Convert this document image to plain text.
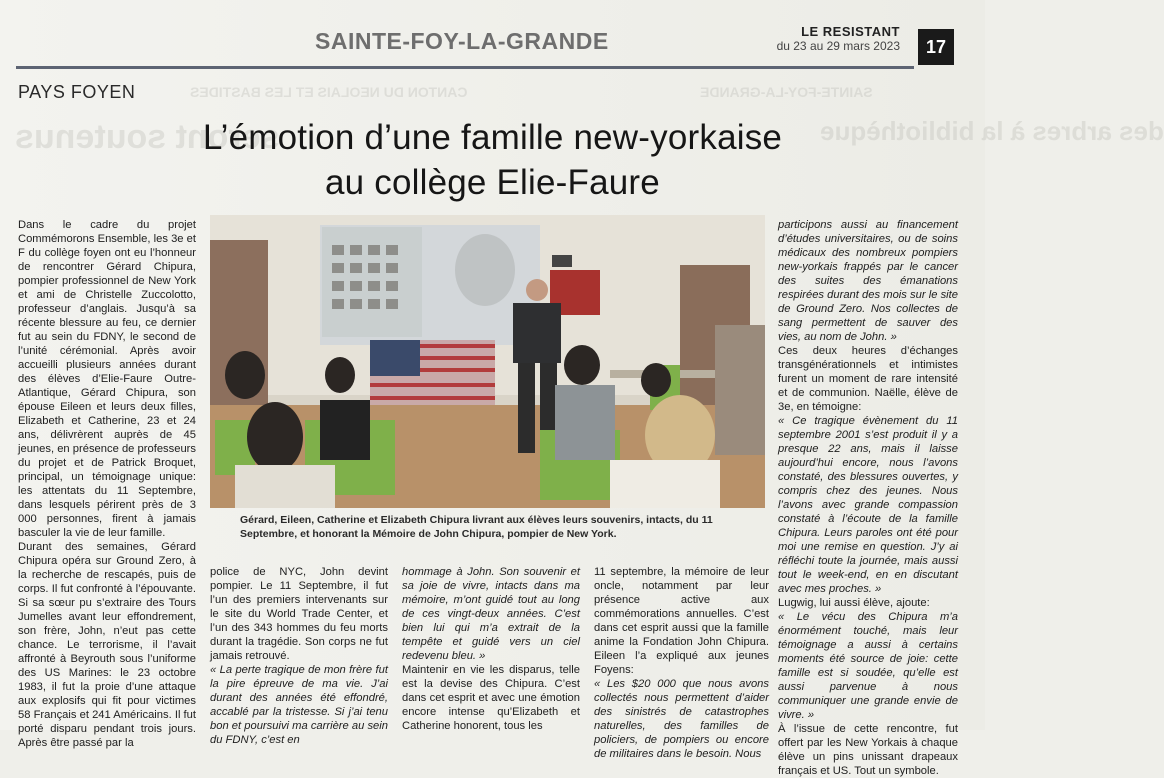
CANTON DU NEOLAIS ET LES BASTIDES	SAINTE-FOY-LA-GRANDE
seront soutenus	des arbres à la bibliothèque
SAINTE-FOY-LA-GRANDE	LE RESISTANT
du 23 au 29 mars 2023	17
PAYS FOYEN
L’émotion d’une famille new-yorkaise
au collège Elie-Faure

Dans le cadre du projet Commémorons Ensemble, les 3e et F du collège foyen ont eu l’honneur de rencontrer Gérard Chipura, pompier professionnel de New York et ami de Christelle Zuccolotto, professeur d’anglais. Jusqu’à sa récente blessure au feu, ce dernier fut au sein du FDNY, le second de l’unité cérémonial. Après avoir accueilli plusieurs années durant des élèves d’Elie-Faure Outre-Atlantique, Gérard Chipura, son épouse Eileen et leurs deux filles, Elizabeth et Catherine, 23 et 24 ans, délivrèrent auprès de 45 jeunes, en présence de professeurs du projet et de Patrick Broquet, principal, un témoignage unique: les attentats du 11 Septembre, dans lesquels périrent près de 3 000 personnes, firent à jamais basculer la vie de leur famille.

Durant des semaines, Gérard Chipura opéra sur Ground Zero, à la recherche de rescapés, puis de corps. Il fut confronté à l’épouvante. Si sa sœur pu s’extraire des Tours Jumelles avant leur effondrement, son frère, John, n’eut pas cette chance. Le terrorisme, il l’avait affronté à Beyrouth sous l’uniforme des US Marines: le 23 octobre 1983, il fut la proie d’une attaque aux explosifs qui fit pour victimes 58 Français et 241 Américains. Il fut porté disparu pendant trois jours. Après être passé par la

Gérard, Eileen, Catherine et Elizabeth Chipura livrant aux élèves leurs souvenirs, intacts, du 11 Septembre, et honorant la Mémoire de John Chipura, pompier de New York.

police de NYC, John devint pompier. Le 11 Septembre, il fut l’un des premiers intervenants sur le site du World Trade Center, et l’un des 343 hommes du feu morts durant la tragédie. Son corps ne fut jamais retrouvé.

« La perte tragique de mon frère fut la pire épreuve de ma vie. J’ai durant des années été effondré, accablé par la tristesse. Si j’ai tenu bon et poursuivi ma carrière au sein du FDNY, c’est en

hommage à John. Son souvenir et sa joie de vivre, intacts dans ma mémoire, m’ont guidé tout au long de ces vingt-deux années. C’est bien lui qui m’a extrait de la tempête et guidé vers un ciel redevenu bleu. »

Maintenir en vie les disparus, telle est la devise des Chipura. C’est dans cet esprit et avec une émotion encore intense qu’Elizabeth et Catherine honorent, tous les

11 septembre, la mémoire de leur oncle, notamment par leur présence active aux commémorations annuelles. C’est dans cet esprit aussi que la famille anime la Fondation John Chipura. Eileen l’a expliqué aux jeunes Foyens:

« Les $20 000 que nous avons collectés nous permettent d’aider des sinistrés de catastrophes naturelles, des familles de policiers, de pompiers ou encore de militaires dans le besoin. Nous

participons aussi au financement d’études universitaires, ou de soins médicaux des nombreux pompiers new-yorkais frappés par le cancer des suites des émanations respirées durant des mois sur le site de Ground Zero. Nos collectes de sang permettent de sauver des vies, au nom de John. »

Ces deux heures d’échanges transgénérationnels et intimistes furent un moment de rare intensité et de communion. Naëlle, élève de 3e, en témoigne:

« Ce tragique évènement du 11 septembre 2001 s’est produit il y a presque 22 ans, mais il laisse aujourd’hui encore, nous l’avons constaté, des blessures ouvertes, y compris chez des jeunes. Nous l’avons avec grande compassion constaté à l’écoute de la famille Chipura. Leurs paroles ont été pour moi une remise en question. J’y ai réfléchi toute la journée, mais aussi tout le week-end, en en discutant avec mes proches. »

Lugwig, lui aussi élève, ajoute:

« Le vécu des Chipura m’a énormément touché, mais leur témoignage a aussi à certains moments été source de joie: cette famille est si soudée, qu’elle est aussi parvenue à nous communiquer une grande envie de vivre. »

À l’issue de cette rencontre, fut offert par les New Yorkais à chaque élève un pins unissant drapeaux français et US. Tout un symbole.
